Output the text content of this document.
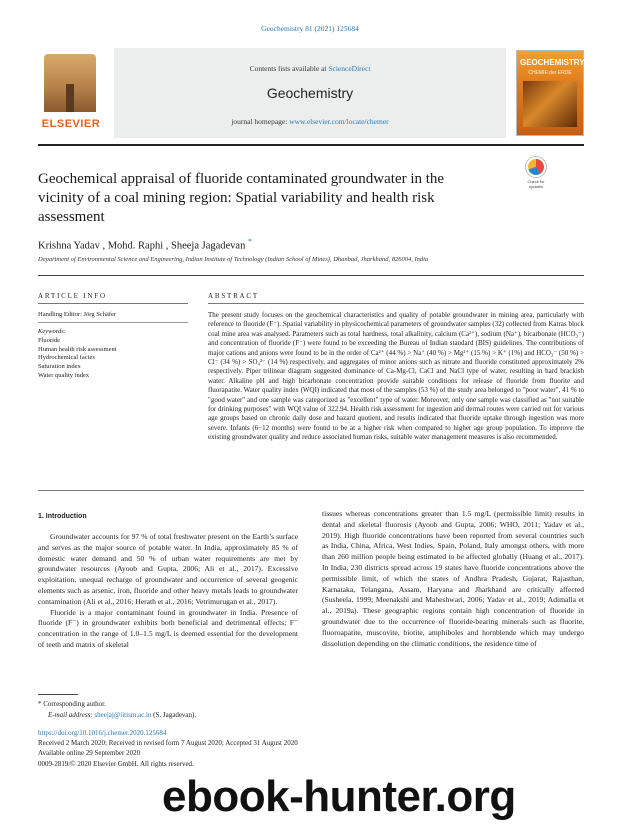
Geochemistry 81 (2021) 125684
ELSEVIER
Contents lists available at ScienceDirect
Geochemistry
journal homepage: www.elsevier.com/locate/chemer
GEOCHEMISTRY
CHEMIE der ERDE
Geochemical appraisal of fluoride contaminated groundwater in the vicinity of a coal mining region: Spatial variability and health risk assessment
Check for updates
Krishna Yadav , Mohd. Raphi , Sheeja Jagadevan *
Department of Environmental Science and Engineering, Indian Institute of Technology (Indian School of Mines), Dhanbad, Jharkhand, 826004, India
ARTICLE INFO	ABSTRACT
Handling Editor: Jörg Schäfer
Keywords:
Fluoride
Human health risk assessment
Hydrochemical facies
Saturation index
Water quality index

The present study focuses on the geochemical characteristics and quality of potable groundwater in mining area, particularly with reference to fluoride (F⁻). Spatial variability in physicochemical parameters of groundwater samples (32) collected from Katras block coal mine area was analysed. Parameters such as total hardness, total alkalinity, calcium (Ca²⁺), sodium (Na⁺), bicarbonate (HCO₃⁻) and concentration of fluoride (F⁻) were found to be exceeding the Bureau of Indian standard (BIS) guidelines. The contributions of major cations and anions were found to be in the order of Ca²⁺ (44 %) > Na⁺ (40 %) > Mg²⁺ (15 %) > K⁺ (1%) and HCO₃⁻ (50 %) > Cl⁻ (34 %) > SO₄²⁻ (14 %) respectively, and aggregates of minor anions such as nitrate and fluoride constituted approximately 2% respectively. Piper trilinear diagram suggested dominance of Ca-Mg-Cl, CaCl and NaCl type of water, resulting in hard brackish water. Alkaline pH and high bicarbonate concentration provide suitable conditions for release of fluoride from fluorite and fluorapatite. Water quality index (WQI) indicated that most of the samples (53 %) of the study area belonged to "poor water", 41 % to "good water" and one sample was categorized as "excellent" type of water. Moreover, only one sample was classified as "not suitable for drinking purposes" with WQI value of 322.94. Health risk assessment for ingestion and dermal routes were carried out for various age groups based on chronic daily dose and hazard quotient, and results indicated that fluoride uptake through ingestion was more severe. Infants (6−12 months) were found to be at a higher risk when compared to higher age group population. To improve the existing groundwater quality and reduce associated human risks, suitable water management measures is also recommended.

1. Introduction

Groundwater accounts for 97 % of total freshwater present on the Earth’s surface and serves as the major source of potable water. In India, approximately 85 % of domestic water demand and 50 % of urban water requirements are met by groundwater resources (Ayoob and Gupta, 2006; Ali et al., 2017). Excessive exploitation, unequal recharge of groundwater and occurrence of several geogenic elements such as arsenic, iron, fluoride and other heavy metals leads to groundwater contamination (Ali et al., 2016; Herath et al., 2016; Vetrimurugan et al., 2017).

Fluoride is a major contaminant found in groundwater in India. Presence of fluoride (F⁻) in groundwater exhibits both beneficial and detrimental effects; F⁻ concentration in the range of 1.0–1.5 mg/L is deemed essential for the development of teeth and matrix of skeletal

tissues whereas concentrations greater than 1.5 mg/L (permissible limit) results in dental and skeletal fluorosis (Ayoob and Gupta, 2006; WHO, 2011; Yadav et al., 2019). High fluoride concentrations have been reported from several countries such as India, China, Africa, West Indies, Spain, Poland, Italy amongst others, with more than 260 million people being estimated to be affected globally (Huang et al., 2017). In India, 230 districts spread across 19 states have fluoride concentrations above the permissible limit, of which the states of Andhra Pradesh, Gujarat, Rajasthan, Karnataka, Telangana, Assam, Haryana and Jharkhand are critically affected (Susheela, 1999; Meenakshi and Maheshwari, 2006; Yadav et al., 2019; Adimalla et al., 2019a). These geographic regions contain high concentration of fluoride in groundwater due to the occurrence of fluoride-bearing minerals such as fluorite, fluoroapatite, muscovite, biotite, amphiboles and hornblende which may undergo dissolution depending on the climatic conditions, the residence time of

* Corresponding author.
E-mail address: sheejaj@iitism.ac.in (S. Jagadevan).
https://doi.org/10.1016/j.chemer.2020.125684
Received 2 March 2020; Received in revised form 7 August 2020; Accepted 31 August 2020
Available online 29 September 2020
0009-2819/© 2020 Elsevier GmbH. All rights reserved.
ebook-hunter.org
